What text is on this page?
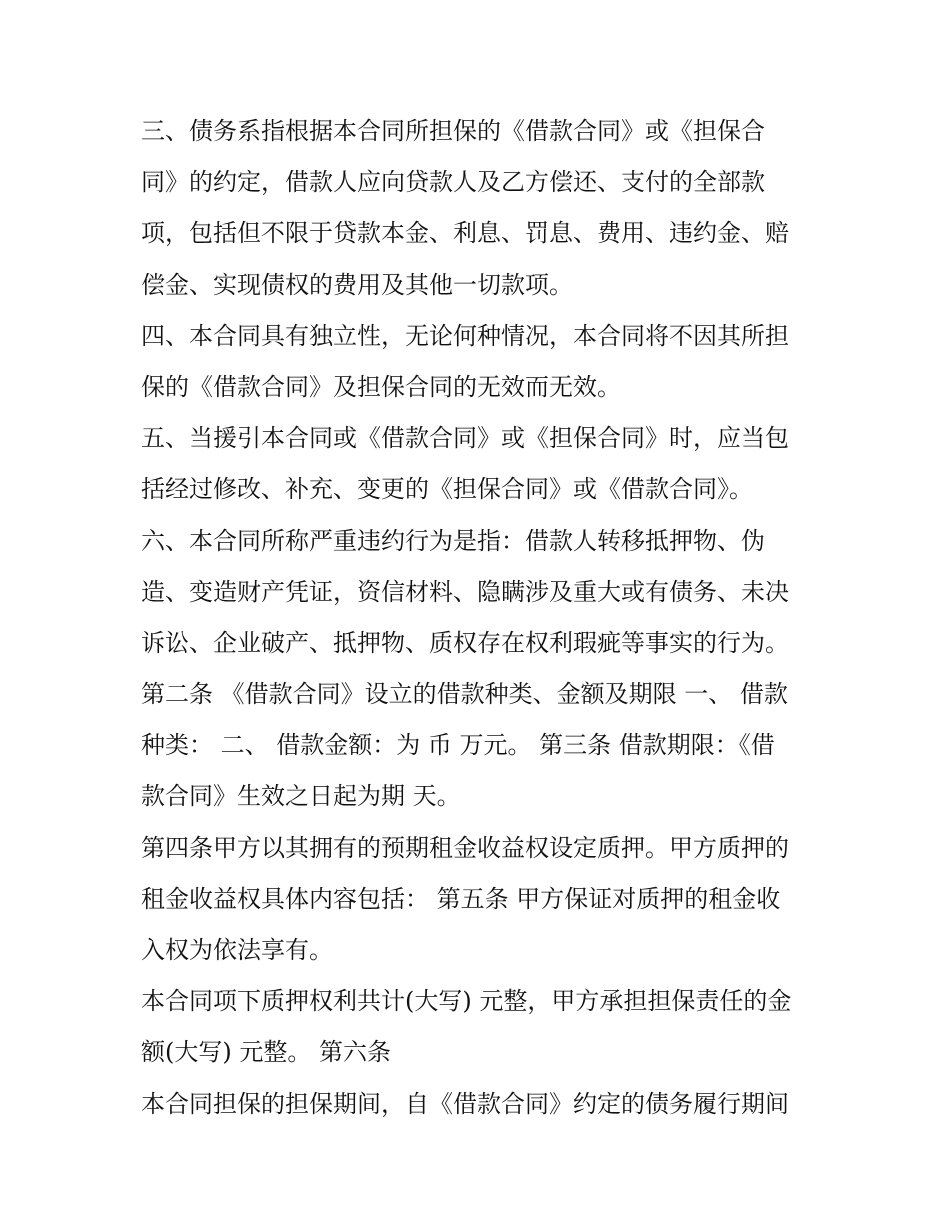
三、债务系指根据本合同所担保的《借款合同》或《担保合
同》的约定，借款人应向贷款人及乙方偿还、支付的全部款
项，包括但不限于贷款本金、利息、罚息、费用、违约金、赔
偿金、实现债权的费用及其他一切款项。
四、本合同具有独立性，无论何种情况，本合同将不因其所担
保的《借款合同》及担保合同的无效而无效。
五、当援引本合同或《借款合同》或《担保合同》时，应当包
括经过修改、补充、变更的《担保合同》或《借款合同》。
六、本合同所称严重违约行为是指：借款人转移抵押物、伪
造、变造财产凭证，资信材料、隐瞒涉及重大或有债务、未决
诉讼、企业破产、抵押物、质权存在权利瑕疵等事实的行为。
第二条 《借款合同》设立的借款种类、金额及期限 一、 借款
种类： 二、 借款金额：为 币 万元。 第三条 借款期限：《借
款合同》生效之日起为期 天。
第四条甲方以其拥有的预期租金收益权设定质押。甲方质押的
租金收益权具体内容包括： 第五条 甲方保证对质押的租金收
入权为依法享有。
本合同项下质押权利共计(大写) 元整，甲方承担担保责任的金
额(大写) 元整。 第六条
本合同担保的担保期间，自《借款合同》约定的债务履行期间
